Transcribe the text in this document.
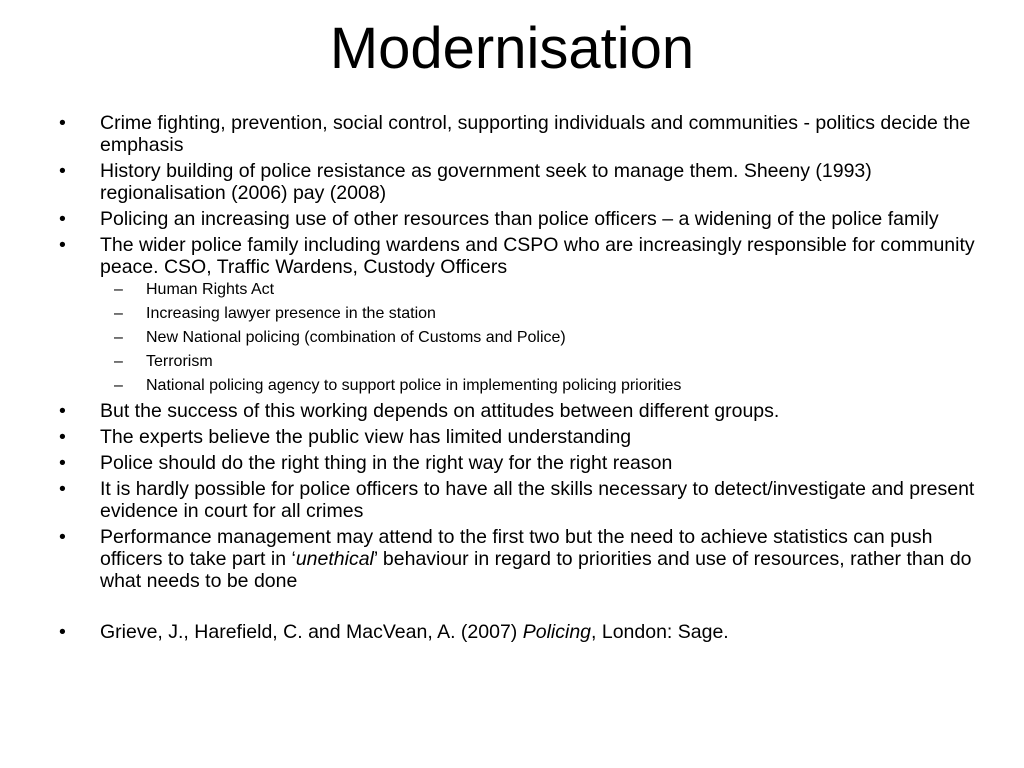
Modernisation
• Crime fighting, prevention, social control, supporting individuals and communities - politics decide the emphasis
• History building of police resistance as government seek to manage them. Sheeny (1993) regionalisation (2006) pay (2008)
• Policing an increasing use of other resources than police officers – a widening of the police family
• The wider police family including wardens and CSPO who are increasingly responsible for community peace. CSO, Traffic Wardens, Custody Officers
– Human Rights Act
– Increasing lawyer presence in the station
– New National policing (combination of Customs and Police)
– Terrorism
– National policing agency to support police in implementing policing priorities
• But the success of this working depends on attitudes between different groups.
• The experts believe the public view has limited understanding
• Police should do the right thing in the right way for the right reason
• It is hardly possible for police officers to have all the skills necessary to detect/investigate and present evidence in court for all crimes
• Performance management may attend to the first two but the need to achieve statistics can push officers to take part in ‘unethical’ behaviour in regard to priorities and use of resources, rather than do what needs to be done
• Grieve, J., Harefield, C. and MacVean, A. (2007) Policing, London: Sage.
